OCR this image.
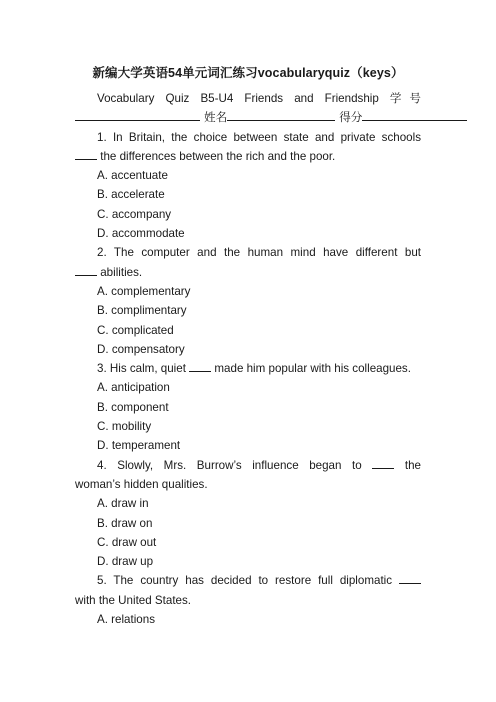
新编大学英语54单元词汇练习vocabularyquiz（keys）

Vocabulary Quiz B5-U4 Friends and Friendship 学号

姓名	得分

1. In Britain, the choice between state and private schools

the differences between the rich and the poor.

A. accentuate

B. accelerate

C. accompany

D. accommodate

2. The computer and the human mind have different but

abilities.

A. complementary

B. complimentary

C. complicated

D. compensatory

3. His calm, quiet made him popular with his colleagues.

A. anticipation

B. component

C. mobility

D. temperament

4. Slowly, Mrs. Burrow’s influence began to	the

woman’s hidden qualities.

A. draw in

B. draw on

C. draw out

D. draw up

5. The country has decided to restore full diplomatic

with the United States.

A. relations
